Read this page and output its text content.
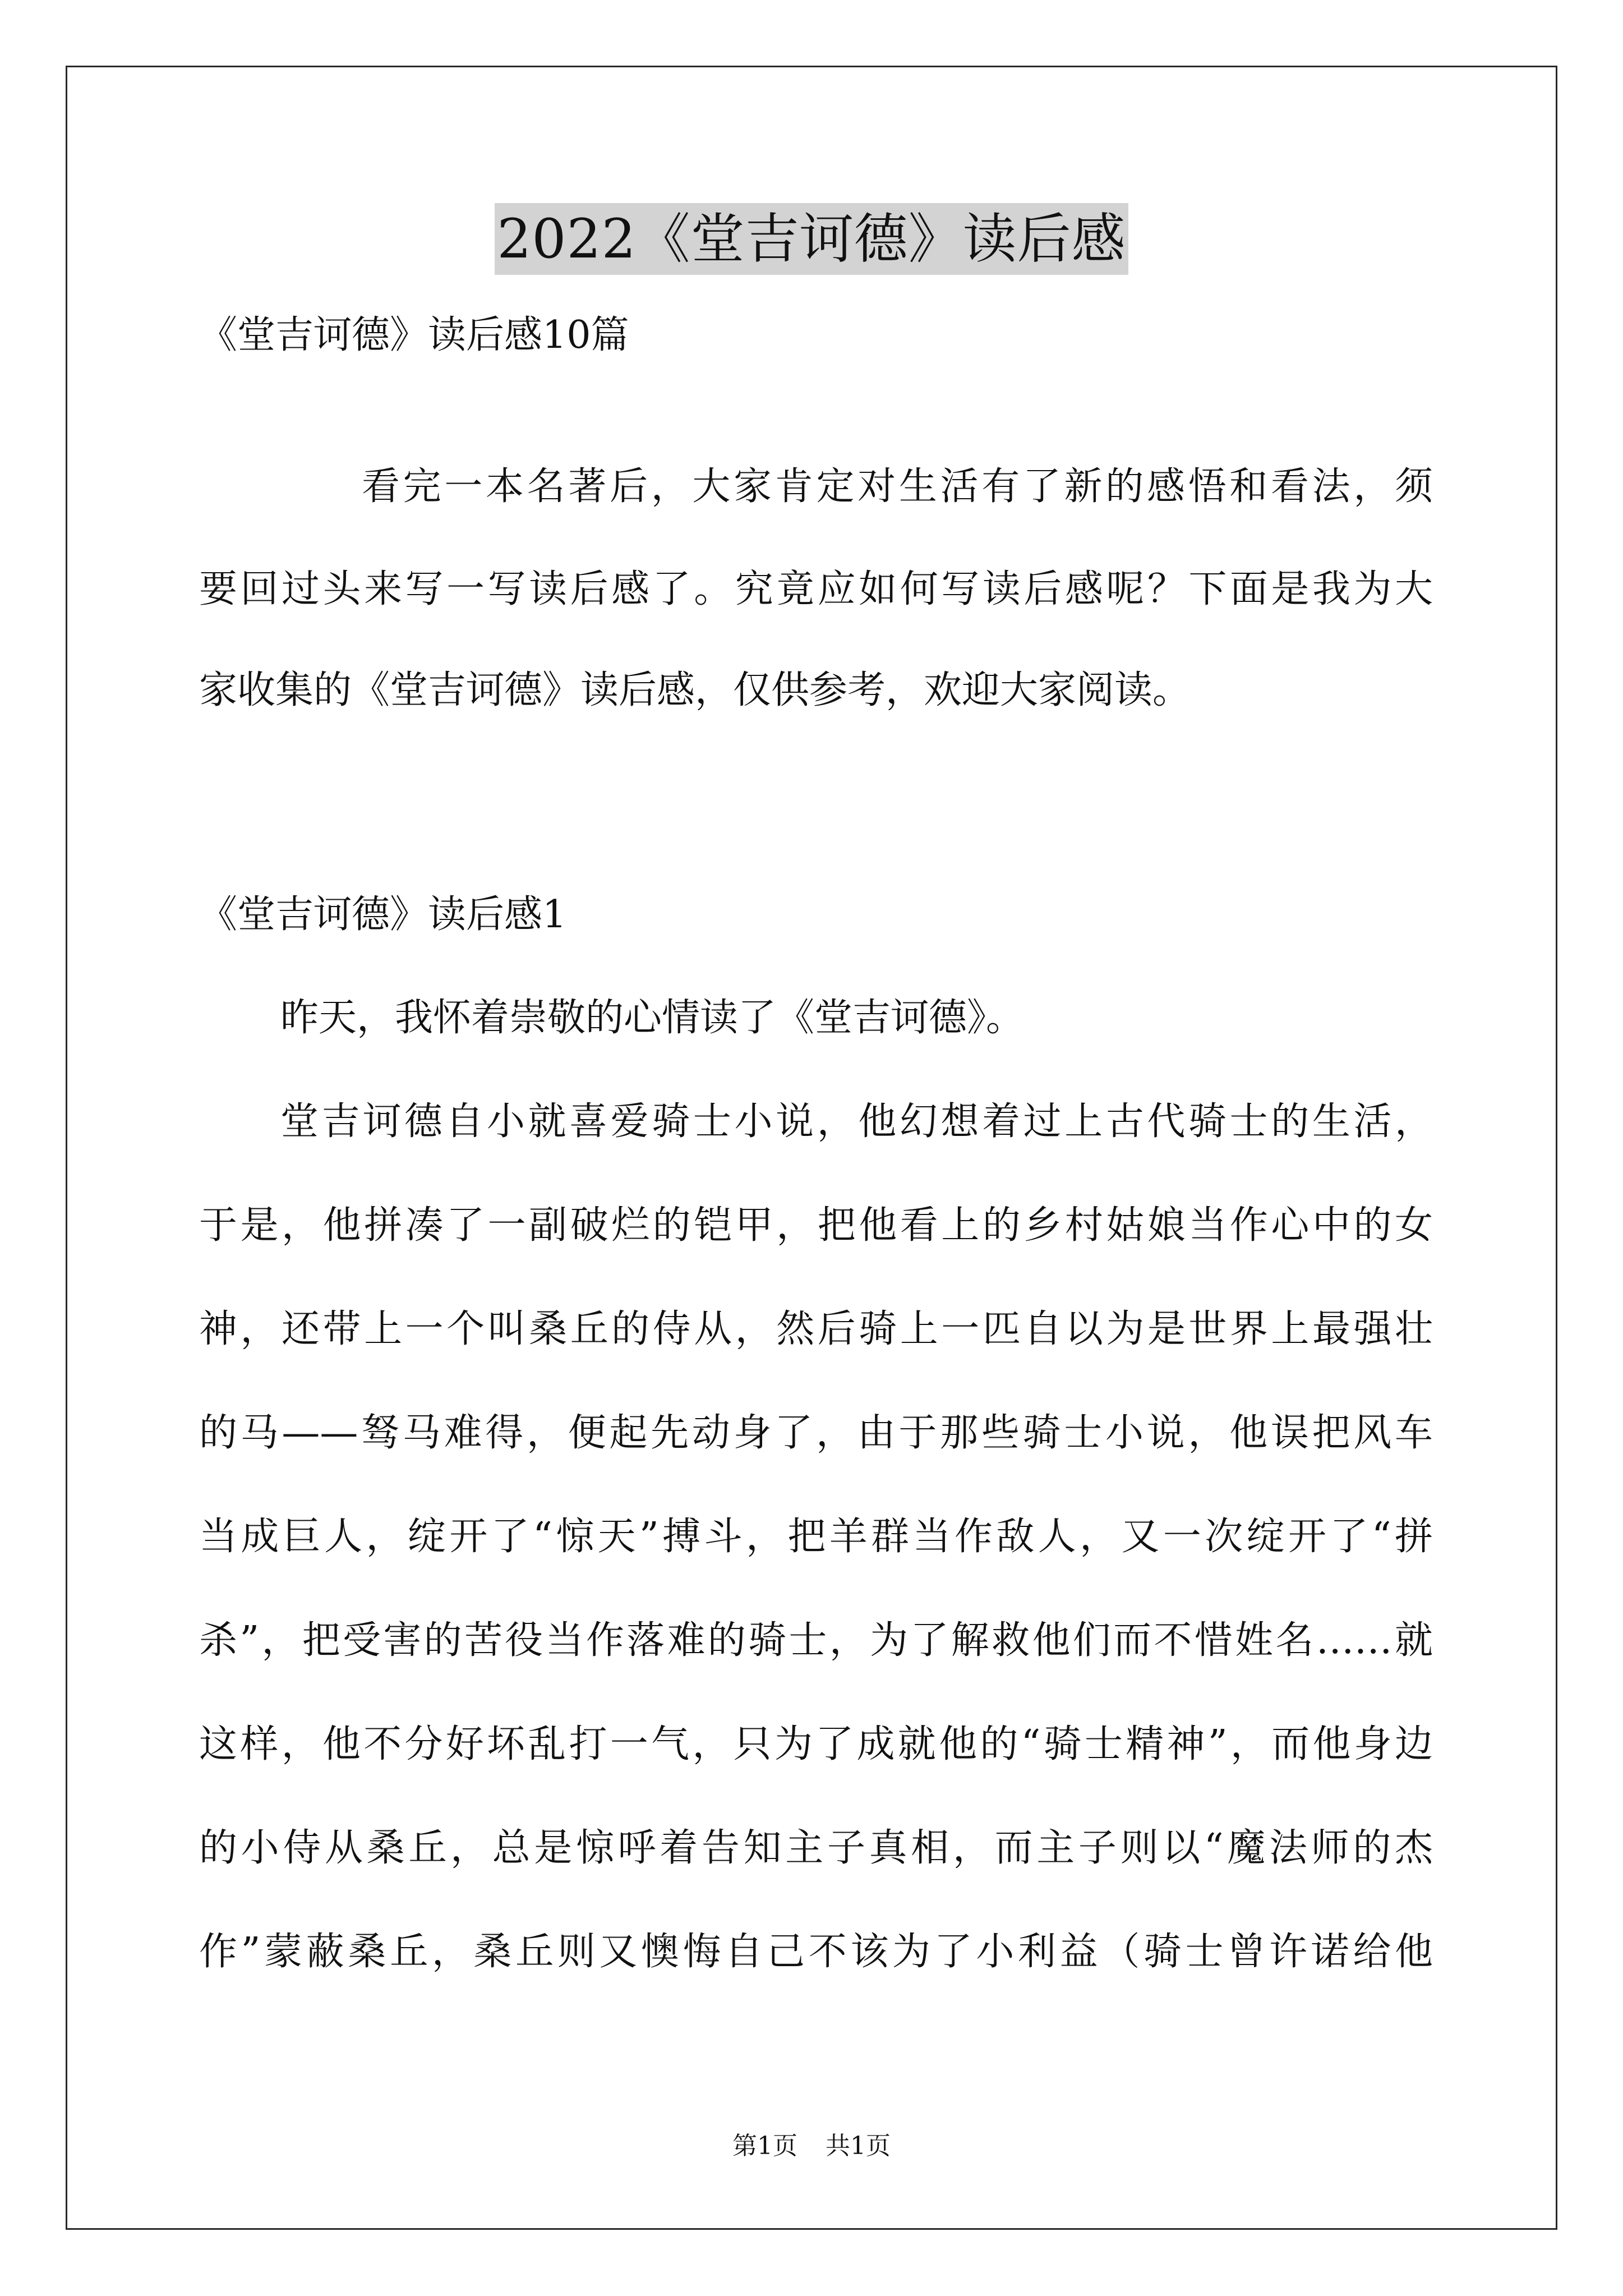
2022《堂吉诃德》读后感
《堂吉诃德》读后感10篇
看完一本名著后，大家肯定对生活有了新的感悟和看法，须
要回过头来写一写读后感了。究竟应如何写读后感呢？下面是我为大
家收集的《堂吉诃德》读后感，仅供参考，欢迎大家阅读。
《堂吉诃德》读后感1
昨天，我怀着崇敬的心情读了《堂吉诃德》。
堂吉诃德自小就喜爱骑士小说，他幻想着过上古代骑士的生活，
于是，他拼凑了一副破烂的铠甲，把他看上的乡村姑娘当作心中的女
神，还带上一个叫桑丘的侍从，然后骑上一匹自以为是世界上最强壮
的马——驽马难得，便起先动身了，由于那些骑士小说，他误把风车
当成巨人，绽开了“惊天”搏斗，把羊群当作敌人，又一次绽开了“拼
杀”，把受害的苦役当作落难的骑士，为了解救他们而不惜姓名……就
这样，他不分好坏乱打一气，只为了成就他的“骑士精神”，而他身边
的小侍从桑丘，总是惊呼着告知主子真相，而主子则以“魔法师的杰
作”蒙蔽桑丘，桑丘则又懊悔自己不该为了小利益（骑士曾许诺给他
第1页 共1页
